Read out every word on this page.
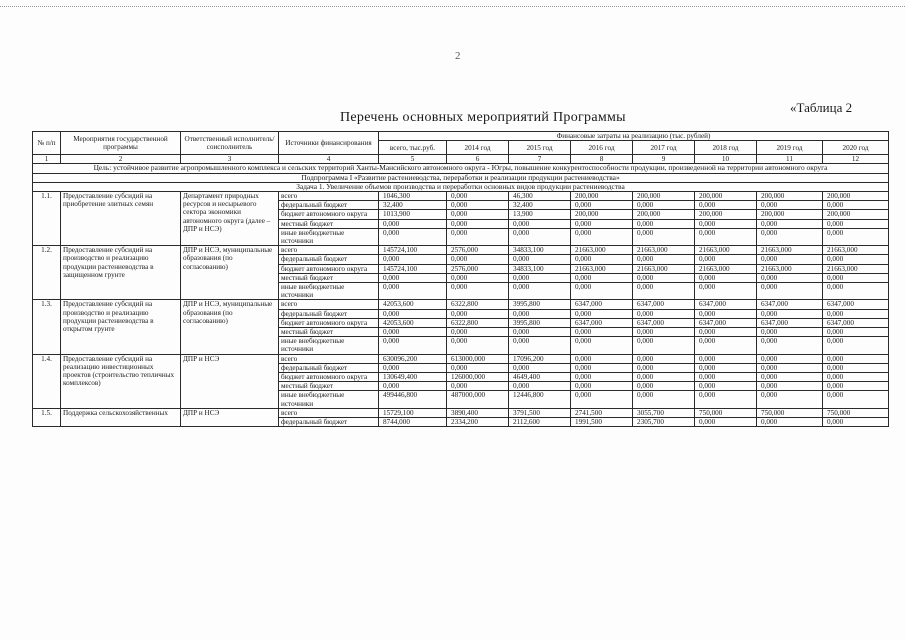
2
«Таблица 2
Перечень основных мероприятий Программы
№ п/п	Мероприятия государственной программы	Ответственный исполнитель/соисполнитель	Источники финансирования	Финансовые затраты на реализацию (тыс. рублей)							
				всего, тыс.руб.	2014 год	2015 год	2016 год	2017 год	2018 год	2019 год	2020 год
1	2	3	4	5	6	7	8	9	10	11	12
Цель: устойчивое развитие агропромышленного комплекса и сельских территорий Ханты-Мансийского автономного округа - Югры, повышение конкурентоспособности продукции, произведенной на территории автономного округа											
Подпрограмма I «Развитие растениеводства, переработки и реализации продукции растениеводства»											
Задача 1. Увеличение объемов производства и переработки основных видов продукции растениеводства											
1.1.	Предоставление субсидий на приобретение элитных семян	Департамент природных ресурсов и несырьевого сектора экономики автономного округа (далее – ДПР и НСЭ)	всего	1046,300	0,000	46,300	200,000	200,000	200,000	200,000	200,000
			федеральный бюджет	32,400	0,000	32,400	0,000	0,000	0,000	0,000	0,000
			бюджет автономного округа	1013,900	0,000	13,900	200,000	200,000	200,000	200,000	200,000
			местный бюджет	0,000	0,000	0,000	0,000	0,000	0,000	0,000	0,000
			иные внебюджетные источники	0,000	0,000	0,000	0,000	0,000	0,000	0,000	0,000
1.2.	Предоставление субсидий на производство и реализацию продукции растениеводства в защищенном грунте	ДПР и НСЭ, муниципальные образования (по согласованию)	всего	145724,100	2576,000	34833,100	21663,000	21663,000	21663,000	21663,000	21663,000
			федеральный бюджет	0,000	0,000	0,000	0,000	0,000	0,000	0,000	0,000
			бюджет автономного округа	145724,100	2576,000	34833,100	21663,000	21663,000	21663,000	21663,000	21663,000
			местный бюджет	0,000	0,000	0,000	0,000	0,000	0,000	0,000	0,000
			иные внебюджетные источники	0,000	0,000	0,000	0,000	0,000	0,000	0,000	0,000
1.3.	Предоставление субсидий на производство и реализацию продукции растениеводства в открытом грунте	ДПР и НСЭ, муниципальные образования (по согласованию)	всего	42053,600	6322,800	3995,800	6347,000	6347,000	6347,000	6347,000	6347,000
			федеральный бюджет	0,000	0,000	0,000	0,000	0,000	0,000	0,000	0,000
			бюджет автономного округа	42053,600	6322,800	3995,800	6347,000	6347,000	6347,000	6347,000	6347,000
			местный бюджет	0,000	0,000	0,000	0,000	0,000	0,000	0,000	0,000
			иные внебюджетные источники	0,000	0,000	0,000	0,000	0,000	0,000	0,000	0,000
1.4.	Предоставление субсидий на реализацию инвестиционных проектов (строительство тепличных комплексов)	ДПР и НСЭ	всего	630096,200	613000,000	17096,200	0,000	0,000	0,000	0,000	0,000
			федеральный бюджет	0,000	0,000	0,000	0,000	0,000	0,000	0,000	0,000
			бюджет автономного округа	130649,400	126000,000	4649,400	0,000	0,000	0,000	0,000	0,000
			местный бюджет	0,000	0,000	0,000	0,000	0,000	0,000	0,000	0,000
			иные внебюджетные источники	499446,800	487000,000	12446,800	0,000	0,000	0,000	0,000	0,000
1.5.	Поддержка сельскохозяйственных	ДПР и НСЭ	всего	15729,100	3890,400	3791,500	2741,500	3055,700	750,000	750,000	750,000
			федеральный бюджет	8744,000	2334,200	2112,600	1991,500	2305,700	0,000	0,000	0,000
